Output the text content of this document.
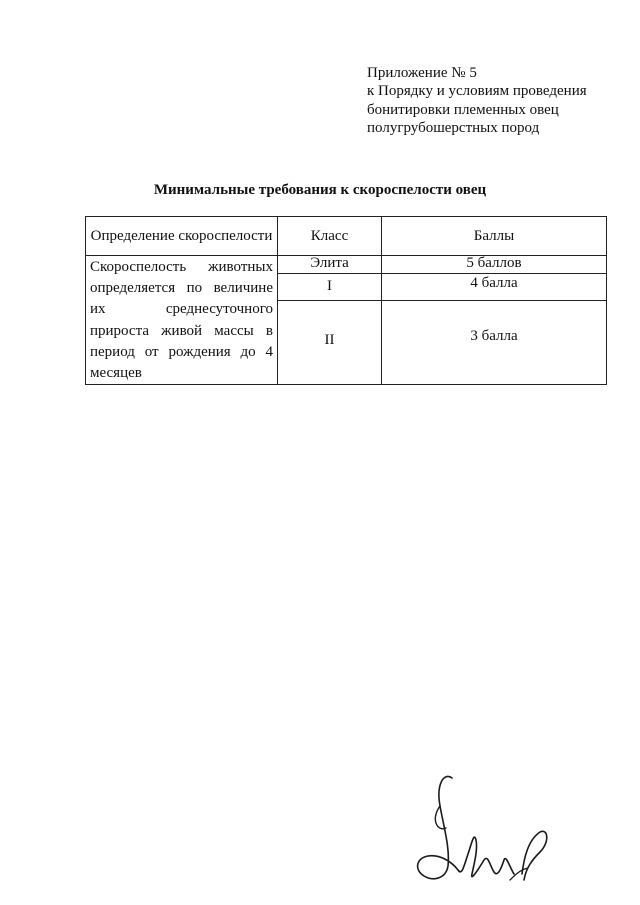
Приложение № 5
к Порядку и условиям проведения
бонитировки племенных овец
полугрубошерстных пород
Минимальные требования к скороспелости овец
Определение скороспелости	Класс	Баллы

Скороспелость животных определяется по величине их среднесуточного прироста живой массы в период от рождения до 4 месяцев	Элита	5 баллов

	I	4 балла

	II	3 балла
